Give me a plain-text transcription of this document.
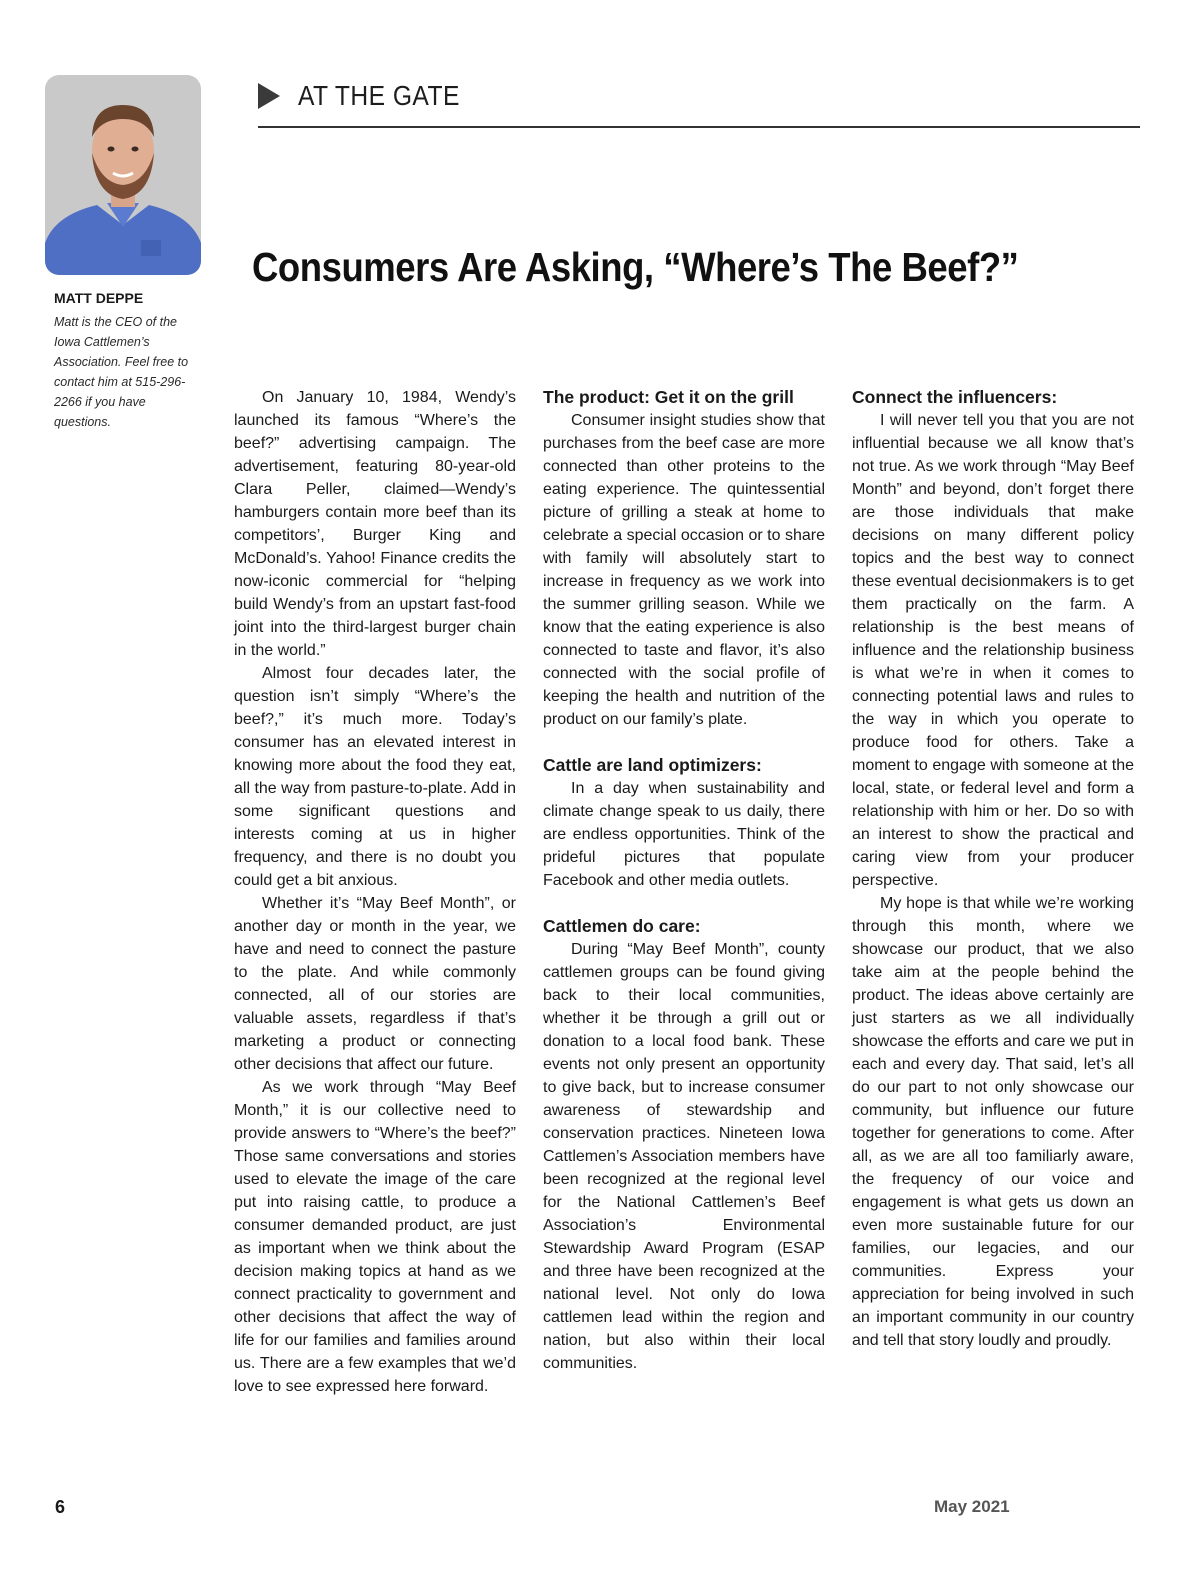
MATT DEPPE
Matt is the CEO of the Iowa Cattlemen’s Association. Feel free to contact him at 515-296-2266 if you have questions.
AT THE GATE
Consumers Are Asking, “Where’s The Beef?”

On January 10, 1984, Wendy’s launched its famous “Where’s the beef?” advertising campaign. The advertisement, featuring 80-year-old Clara Peller, claimed—Wendy’s hamburgers contain more beef than its competitors’, Burger King and McDonald’s. Yahoo! Finance credits the now-iconic commercial for “helping build Wendy’s from an upstart fast-food joint into the third-largest burger chain in the world.”

Almost four decades later, the question isn’t simply “Where’s the beef?,” it’s much more. Today’s consumer has an elevated interest in knowing more about the food they eat, all the way from pasture-to-plate. Add in some significant questions and interests coming at us in higher frequency, and there is no doubt you could get a bit anxious.

Whether it’s “May Beef Month”, or another day or month in the year, we have and need to connect the pasture to the plate. And while commonly connected, all of our stories are valuable assets, regardless if that’s marketing a product or connecting other decisions that affect our future.

As we work through “May Beef Month,” it is our collective need to provide answers to “Where’s the beef?” Those same conversations and stories used to elevate the image of the care put into raising cattle, to produce a consumer demanded product, are just as important when we think about the decision making topics at hand as we connect practicality to government and other decisions that affect the way of life for our families and families around us. There are a few examples that we’d love to see expressed here forward.

The product: Get it on the grill

Consumer insight studies show that purchases from the beef case are more connected than other proteins to the eating experience. The quintessential picture of grilling a steak at home to celebrate a special occasion or to share with family will absolutely start to increase in frequency as we work into the summer grilling season. While we know that the eating experience is also connected to taste and flavor, it’s also connected with the social profile of keeping the health and nutrition of the product on our family’s plate.

Cattle are land optimizers:

In a day when sustainability and climate change speak to us daily, there are endless opportunities. Think of the prideful pictures that populate Facebook and other media outlets.

Cattlemen do care:

During “May Beef Month”, county cattlemen groups can be found giving back to their local communities, whether it be through a grill out or donation to a local food bank. These events not only present an opportunity to give back, but to increase consumer awareness of stewardship and conservation practices. Nineteen Iowa Cattlemen’s Association members have been recognized at the regional level for the National Cattlemen’s Beef Association’s Environmental Stewardship Award Program (ESAP and three have been recognized at the national level. Not only do Iowa cattlemen lead within the region and nation, but also within their local communities.

Connect the influencers:

I will never tell you that you are not influential because we all know that’s not true. As we work through “May Beef Month” and beyond, don’t forget there are those individuals that make decisions on many different policy topics and the best way to connect these eventual decisionmakers is to get them practically on the farm. A relationship is the best means of influence and the relationship business is what we’re in when it comes to connecting potential laws and rules to the way in which you operate to produce food for others. Take a moment to engage with someone at the local, state, or federal level and form a relationship with him or her. Do so with an interest to show the practical and caring view from your producer perspective.

My hope is that while we’re working through this month, where we showcase our product, that we also take aim at the people behind the product. The ideas above certainly are just starters as we all individually showcase the efforts and care we put in each and every day. That said, let’s all do our part to not only showcase our community, but influence our future together for generations to come. After all, as we are all too familiarly aware, the frequency of our voice and engagement is what gets us down an even more sustainable future for our families, our legacies, and our communities. Express your appreciation for being involved in such an important community in our country and tell that story loudly and proudly.

6	May 2021
